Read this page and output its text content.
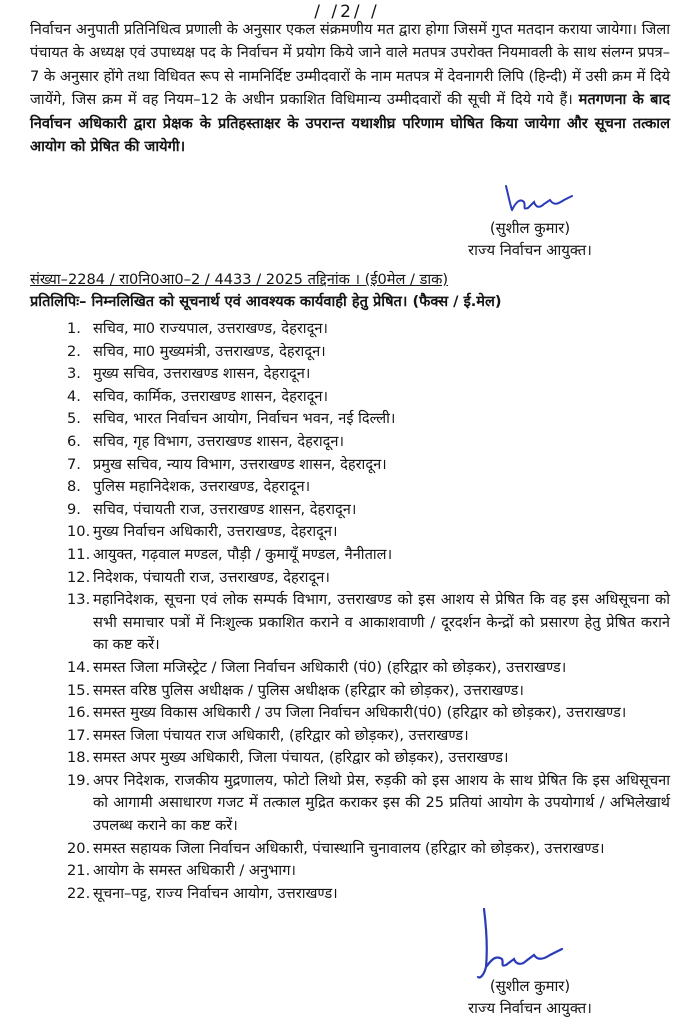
/ /2/ /

निर्वाचन अनुपाती प्रतिनिधित्व प्रणाली के अनुसार एकल संक्रमणीय मत द्वारा होगा जिसमें गुप्त मतदान कराया जायेगा। जिला पंचायत के अध्यक्ष एवं उपाध्यक्ष पद के निर्वाचन में प्रयोग किये जाने वाले मतपत्र उपरोक्त नियमावली के साथ संलग्न प्रपत्र–7 के अनुसार होंगे तथा विधिवत रूप से नामनिर्दिष्ट उम्मीदवारों के नाम मतपत्र में देवनागरी लिपि (हिन्दी) में उसी क्रम में दिये जायेंगे, जिस क्रम में वह नियम–12 के अधीन प्रकाशित विधिमान्य उम्मीदवारों की सूची में दिये गये हैं। मतगणना के बाद निर्वाचन अधिकारी द्वारा प्रेक्षक के प्रतिहस्ताक्षर के उपरान्त यथाशीघ्र परिणाम घोषित किया जायेगा और सूचना तत्काल आयोग को प्रेषित की जायेगी।

(सुशील कुमार)
राज्य निर्वाचन आयुक्त।
संख्या–2284 / रा0नि0आ0–2 / 4433 / 2025 तद्दिनांक । (ई0मेल / डाक)
प्रतिलिपिः– निम्नलिखित को सूचनार्थ एवं आवश्यक कार्यवाही हेतु प्रेषित। (फैक्स / ई.मेल)
1. सचिव, मा0 राज्यपाल, उत्तराखण्ड, देहरादून।
2. सचिव, मा0 मुख्यमंत्री, उत्तराखण्ड, देहरादून।
3. मुख्य सचिव, उत्तराखण्ड शासन, देहरादून।
4. सचिव, कार्मिक, उत्तराखण्ड शासन, देहरादून।
5. सचिव, भारत निर्वाचन आयोग, निर्वाचन भवन, नई दिल्ली।
6. सचिव, गृह विभाग, उत्तराखण्ड शासन, देहरादून।
7. प्रमुख सचिव, न्याय विभाग, उत्तराखण्ड शासन, देहरादून।
8. पुलिस महानिदेशक, उत्तराखण्ड, देहरादून।
9. सचिव, पंचायती राज, उत्तराखण्ड शासन, देहरादून।
10. मुख्य निर्वाचन अधिकारी, उत्तराखण्ड, देहरादून।
11. आयुक्त, गढ़वाल मण्डल, पौड़ी / कुमायूँ मण्डल, नैनीताल।
12. निदेशक, पंचायती राज, उत्तराखण्ड, देहरादून।
13. महानिदेशक, सूचना एवं लोक सम्पर्क विभाग, उत्तराखण्ड को इस आशय से प्रेषित कि वह इस अधिसूचना को सभी समाचार पत्रों में निःशुल्क प्रकाशित कराने व आकाशवाणी / दूरदर्शन केन्द्रों को प्रसारण हेतु प्रेषित कराने का कष्ट करें।
14. समस्त जिला मजिस्ट्रेट / जिला निर्वाचन अधिकारी (पं0) (हरिद्वार को छोड़कर), उत्तराखण्ड।
15. समस्त वरिष्ठ पुलिस अधीक्षक / पुलिस अधीक्षक (हरिद्वार को छोड़कर), उत्तराखण्ड।
16. समस्त मुख्य विकास अधिकारी / उप जिला निर्वाचन अधिकारी(पं0) (हरिद्वार को छोड़कर), उत्तराखण्ड।
17. समस्त जिला पंचायत राज अधिकारी, (हरिद्वार को छोड़कर), उत्तराखण्ड।
18. समस्त अपर मुख्य अधिकारी, जिला पंचायत, (हरिद्वार को छोड़कर), उत्तराखण्ड।
19. अपर निदेशक, राजकीय मुद्रणालय, फोटो लिथो प्रेस, रुड़की को इस आशय के साथ प्रेषित कि इस अधिसूचना को आगामी असाधारण गजट में तत्काल मुद्रित कराकर इस की 25 प्रतियां आयोग के उपयोगार्थ / अभिलेखार्थ उपलब्ध कराने का कष्ट करें।
20. समस्त सहायक जिला निर्वाचन अधिकारी, पंचास्थानि चुनावालय (हरिद्वार को छोड़कर), उत्तराखण्ड।
21. आयोग के समस्त अधिकारी / अनुभाग।
22. सूचना–पट्ट, राज्य निर्वाचन आयोग, उत्तराखण्ड।
(सुशील कुमार)
राज्य निर्वाचन आयुक्त।
